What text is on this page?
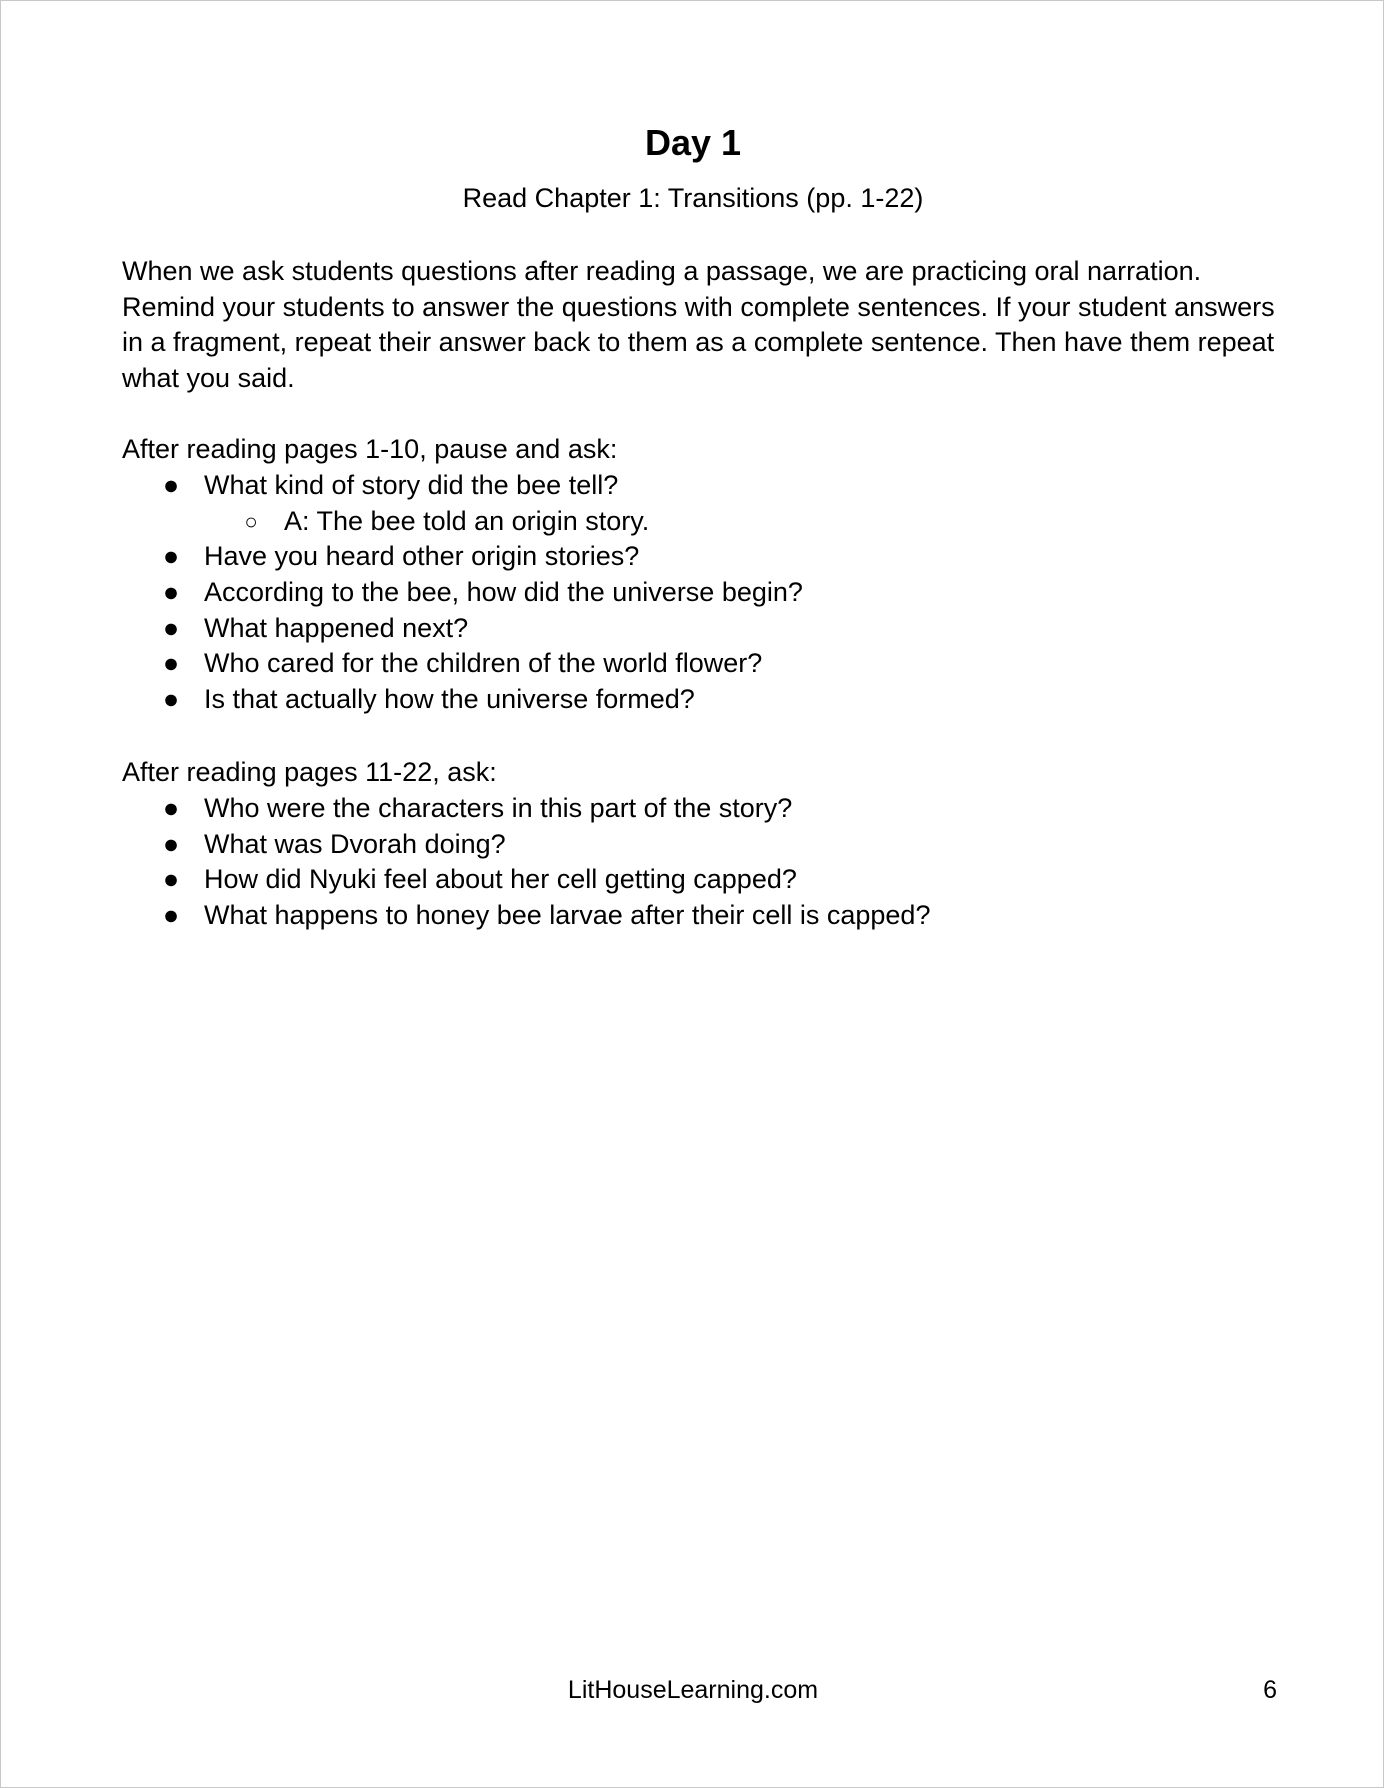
Day 1
Read Chapter 1: Transitions (pp. 1-22)
When we ask students questions after reading a passage, we are practicing oral narration. Remind your students to answer the questions with complete sentences. If your student answers in a fragment, repeat their answer back to them as a complete sentence. Then have them repeat what you said.
After reading pages 1-10, pause and ask:
● What kind of story did the bee tell?
○ A: The bee told an origin story.
● Have you heard other origin stories?
● According to the bee, how did the universe begin?
● What happened next?
● Who cared for the children of the world flower?
● Is that actually how the universe formed?
After reading pages 11-22, ask:
● Who were the characters in this part of the story?
● What was Dvorah doing?
● How did Nyuki feel about her cell getting capped?
● What happens to honey bee larvae after their cell is capped?
LitHouseLearning.com	6
